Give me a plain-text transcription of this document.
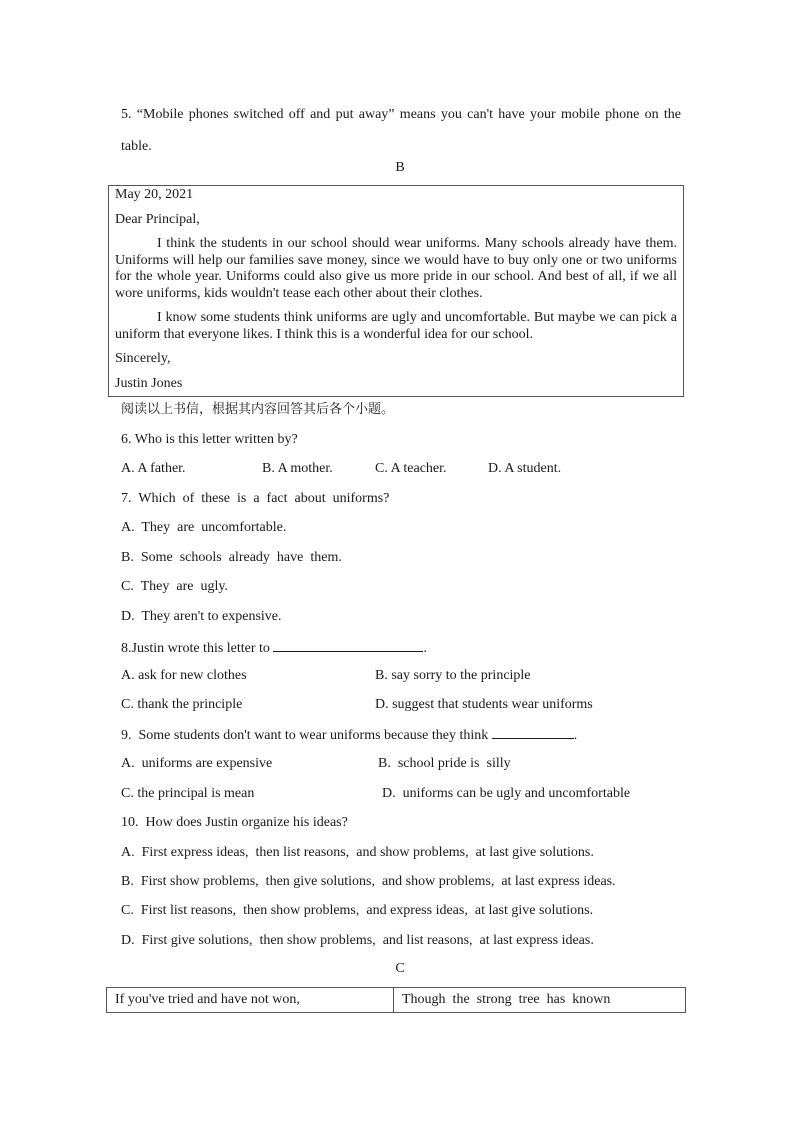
5. “Mobile phones switched off and put away” means you can't have your mobile phone on the table.
B
May 20, 2021
Dear Principal,
I think the students in our school should wear uniforms. Many schools already have them. Uniforms will help our families save money, since we would have to buy only one or two uniforms for the whole year. Uniforms could also give us more pride in our school. And best of all, if we all wore uniforms, kids wouldn't tease each other about their clothes.
I know some students think uniforms are ugly and uncomfortable. But maybe we can pick a uniform that everyone likes. I think this is a wonderful idea for our school.
Sincerely,
Justin Jones
阅读以上书信，根据其内容回答其后各个小题。
6. Who is this letter written by?
A. A father.	B. A mother.	C. A teacher.	D. A student.
7.  Which  of  these  is  a  fact  about  uniforms?
A.  They  are  uncomfortable.
B.  Some  schools  already  have  them.
C.  They  are  ugly.
D.  They aren't to expensive.
8.Justin wrote this letter to	.
A. ask for new clothes	B. say sorry to the principle
C. thank the principle	D. suggest that students wear uniforms
9.  Some students don't want to wear uniforms because they think	.
A.  uniforms are expensive	B.  school pride is  silly
C. the principal is mean	D.  uniforms can be ugly and uncomfortable
10.  How does Justin organize his ideas?
A.  First express ideas,  then list reasons,  and show problems,  at last give solutions.
B.  First show problems,  then give solutions,  and show problems,  at last express ideas.
C.  First list reasons,  then show problems,  and express ideas,  at last give solutions.
D.  First give solutions,  then show problems,  and list reasons,  at last express ideas.
C
If you've tried and have not won,	Though  the  strong  tree  has  known
